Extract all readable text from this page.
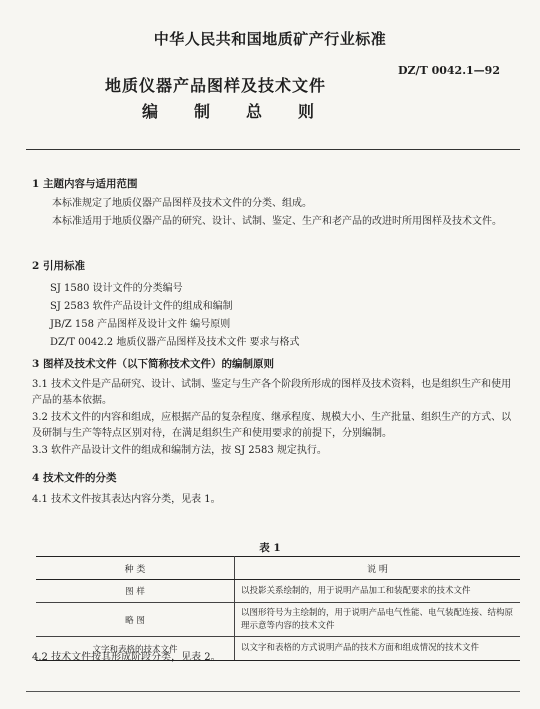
中华人民共和国地质矿产行业标准
DZ/T 0042.1—92
地质仪器产品图样及技术文件
编 制 总 则
1 主题内容与适用范围
本标准规定了地质仪器产品图样及技术文件的分类、组成。
本标准适用于地质仪器产品的研究、设计、试制、鉴定、生产和老产品的改进时所用图样及技术文件。
2 引用标准
SJ 1580 设计文件的分类编号
SJ 2583 软件产品设计文件的组成和编制
JB/Z 158 产品图样及设计文件 编号原则
DZ/T 0042.2 地质仪器产品图样及技术文件 要求与格式
3 图样及技术文件（以下简称技术文件）的编制原则
3.1 技术文件是产品研究、设计、试制、鉴定与生产各个阶段所形成的图样及技术资料，也是组织生产和使用产品的基本依据。
3.2 技术文件的内容和组成，应根据产品的复杂程度、继承程度、规模大小、生产批量、组织生产的方式、以及研制与生产等特点区别对待，在满足组织生产和使用要求的前提下，分别编制。
3.3 软件产品设计文件的组成和编制方法，按 SJ 2583 规定执行。
4 技术文件的分类
4.1 技术文件按其表达内容分类，见表 1。
表 1
种 类	说 明
图 样	以投影关系绘制的，用于说明产品加工和装配要求的技术文件
略 图	以图形符号为主绘制的，用于说明产品电气性能、电气装配连接、结构原理示意等内容的技术文件
文字和表格的技术文件	以文字和表格的方式说明产品的技术方面和组成情况的技术文件
4.2 技术文件按其形成阶段分类，见表 2。
